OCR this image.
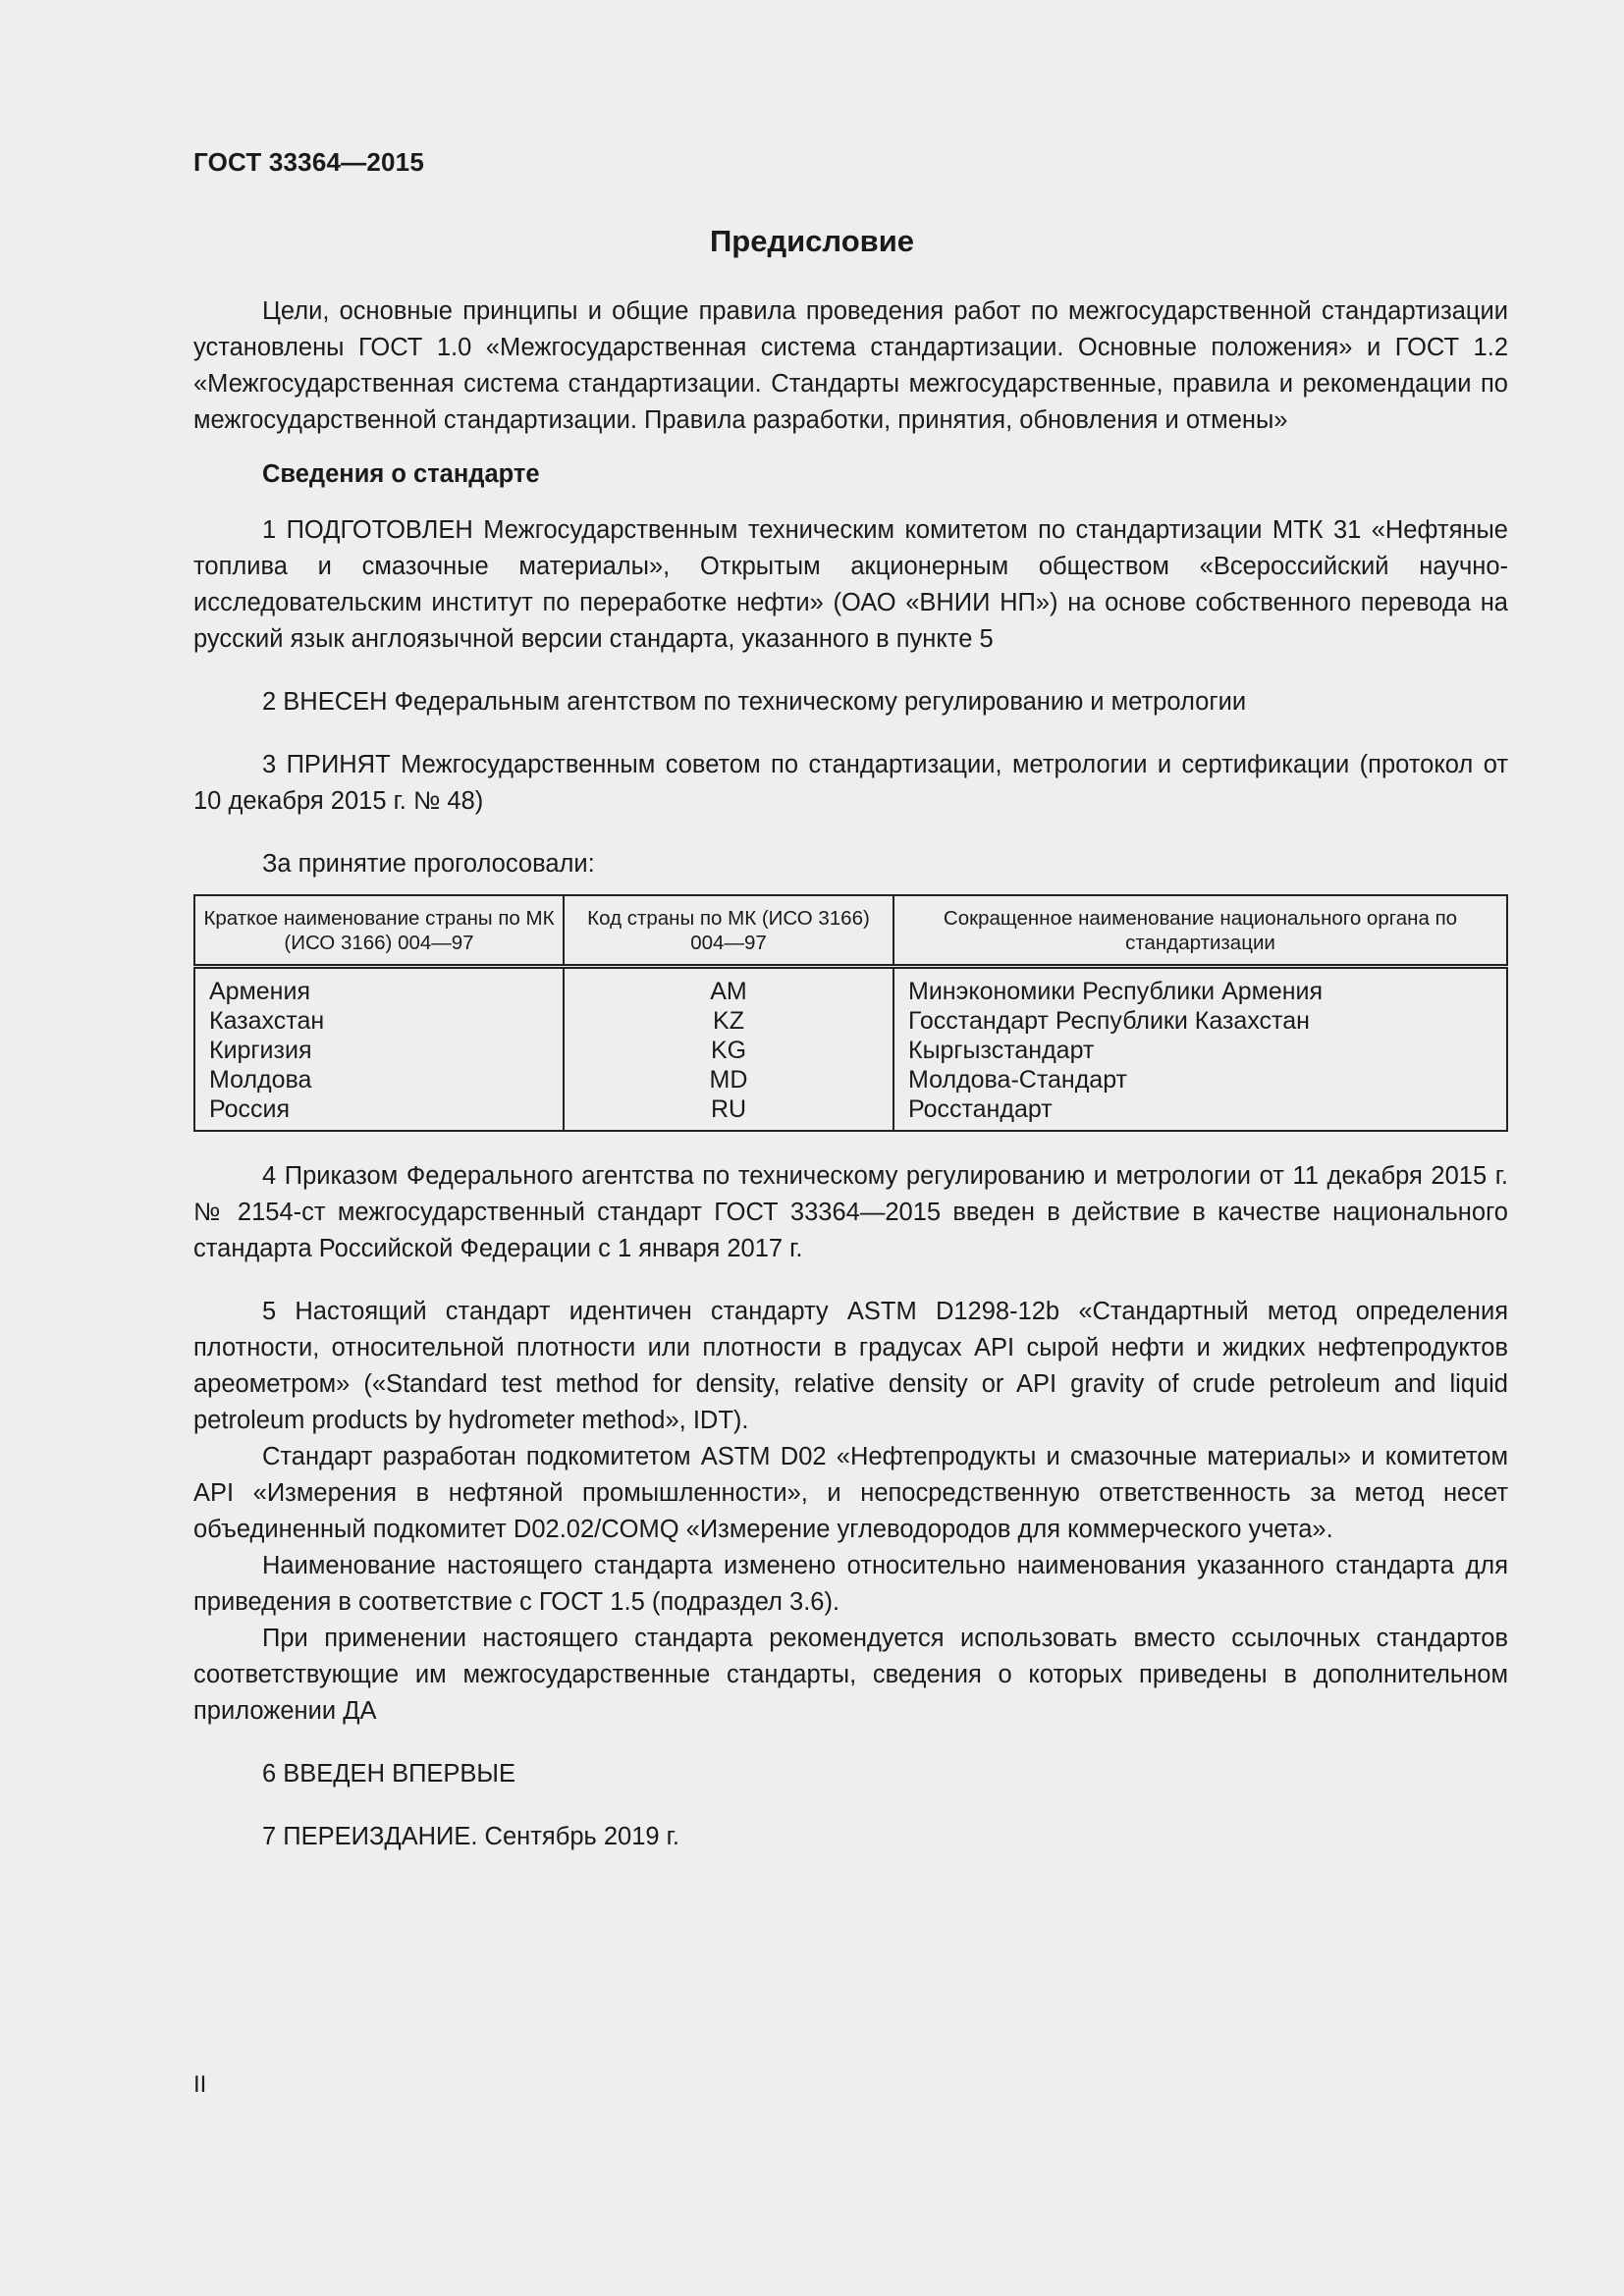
ГОСТ 33364—2015
Предисловие

Цели, основные принципы и общие правила проведения работ по межгосударственной стандартизации установлены ГОСТ 1.0 «Межгосударственная система стандартизации. Основные положения» и ГОСТ 1.2 «Межгосударственная система стандартизации. Стандарты межгосударственные, правила и рекомендации по межгосударственной стандартизации. Правила разработки, принятия, обновления и отмены»

Сведения о стандарте

1 ПОДГОТОВЛЕН Межгосударственным техническим комитетом по стандартизации МТК 31 «Нефтяные топлива и смазочные материалы», Открытым акционерным обществом «Всероссийский научно-исследовательским институт по переработке нефти» (ОАО «ВНИИ НП») на основе собственного перевода на русский язык англоязычной версии стандарта, указанного в пункте 5

2 ВНЕСЕН Федеральным агентством по техническому регулированию и метрологии

3 ПРИНЯТ Межгосударственным советом по стандартизации, метрологии и сертификации (протокол от 10 декабря 2015 г. № 48)

За принятие проголосовали:

Краткое наименование страны по МК (ИСО 3166) 004—97	Код страны по МК (ИСО 3166) 004—97	Сокращенное наименование национального органа по стандартизации
Армения	AM	Минэкономики Республики Армения
Казахстан	KZ	Госстандарт Республики Казахстан
Киргизия	KG	Кыргызстандарт
Молдова	MD	Молдова-Стандарт
Россия	RU	Росстандарт

4 Приказом Федерального агентства по техническому регулированию и метрологии от 11 декабря 2015 г. № 2154-ст межгосударственный стандарт ГОСТ 33364—2015 введен в действие в качестве национального стандарта Российской Федерации с 1 января 2017 г.

5 Настоящий стандарт идентичен стандарту ASTM D1298-12b «Стандартный метод определения плотности, относительной плотности или плотности в градусах API сырой нефти и жидких нефтепродуктов ареометром» («Standard test method for density, relative density or API gravity of crude petroleum and liquid petroleum products by hydrometer method», IDT).

Стандарт разработан подкомитетом ASTM D02 «Нефтепродукты и смазочные материалы» и комитетом API «Измерения в нефтяной промышленности», и непосредственную ответственность за метод несет объединенный подкомитет D02.02/COMQ «Измерение углеводородов для коммерческого учета».

Наименование настоящего стандарта изменено относительно наименования указанного стандарта для приведения в соответствие с ГОСТ 1.5 (подраздел 3.6).

При применении настоящего стандарта рекомендуется использовать вместо ссылочных стандартов соответствующие им межгосударственные стандарты, сведения о которых приведены в дополнительном приложении ДА

6 ВВЕДЕН ВПЕРВЫЕ

7 ПЕРЕИЗДАНИЕ. Сентябрь 2019 г.

II
